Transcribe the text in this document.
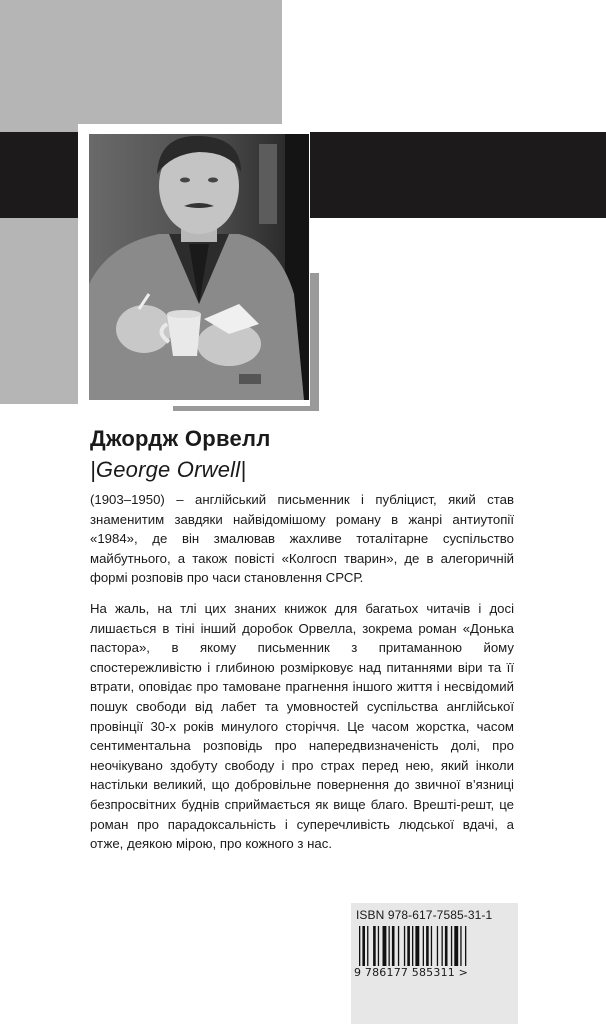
Джордж Орвелл
|George Orwell|

(1903–1950) – англійський письменник і публіцист, який став знаменитим завдяки найвідомішому роману в жанрі антиутопії «1984», де він змалював жахливе тоталітарне суспільство майбутнього, а також повісті «Колгосп тварин», де в алегоричній формі розповів про часи становлення СРСР.

На жаль, на тлі цих знаних книжок для багатьох читачів і досі лишається в тіні інший доробок Орвелла, зокрема роман «Донька пастора», в якому письменник з притаманною йому спостережливістю і глибиною розмірковує над питаннями віри та її втрати, оповідає про тамоване прагнення іншого життя і несвідомий пошук свободи від лабет та умовностей суспільства англійської провінції 30-х років минулого сторіччя. Це часом жорстка, часом сентиментальна розповідь про напередвизначеність долі, про неочікувано здобуту свободу і про страх перед нею, який інколи настільки великий, що добровільне повернення до звичної в’язниці безпросвітних буднів сприймається як вище благо. Врешті-решт, це роман про парадоксальність і суперечливість людської вдачі, а отже, деякою мірою, про кожного з нас.

ISBN 978-617-7585-31-1
9 786177 585311 >
